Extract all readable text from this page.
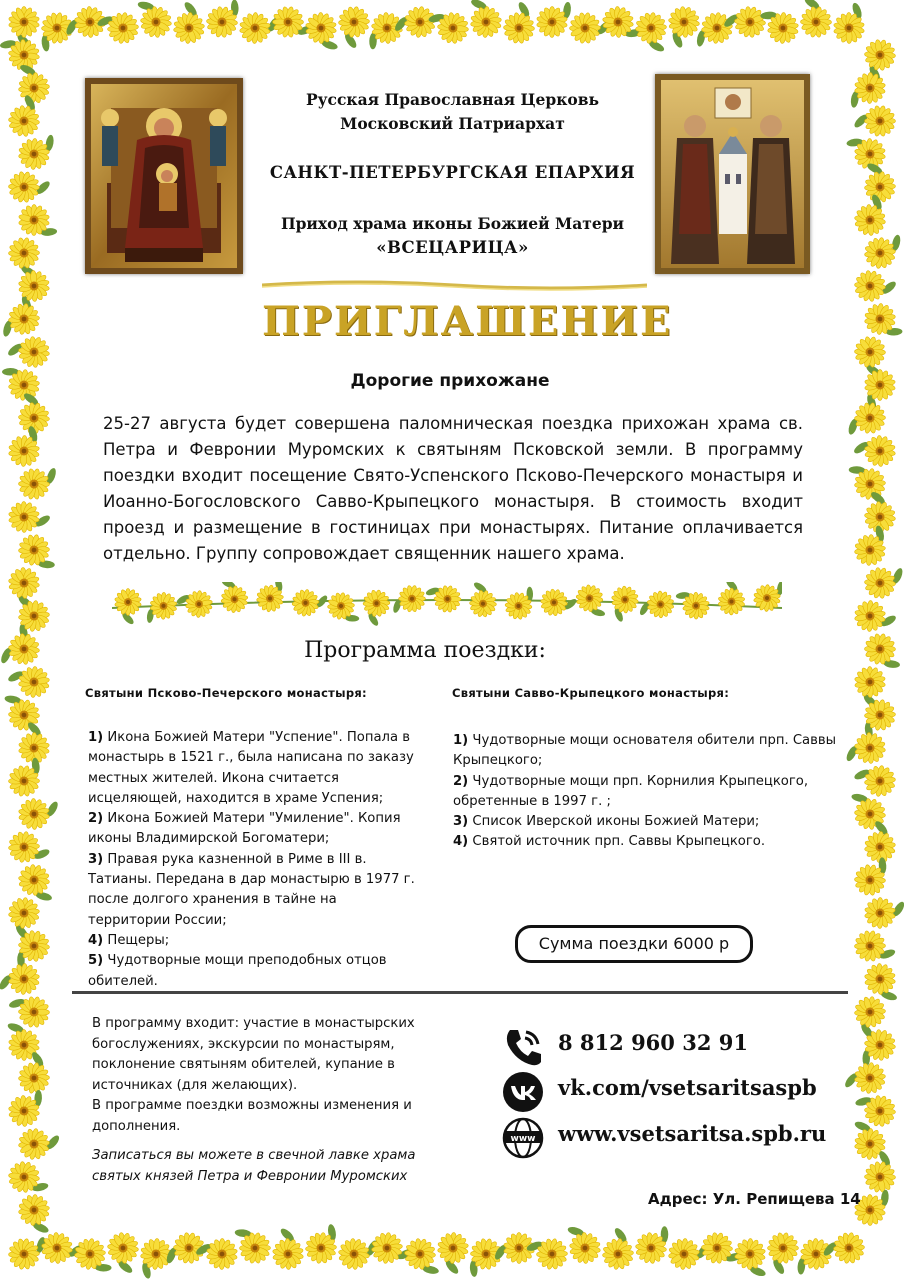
Русская Православная Церковь
Московский Патриархат
САНКТ-ПЕТЕРБУРГСКАЯ ЕПАРХИЯ
Приход храма иконы Божией Матери
«ВСЕЦАРИЦА»
ПРИГЛАШЕНИЕ
Дорогие прихожане
25-27 августа будет совершена паломническая поездка прихожан храма св. Петра и Февронии Муромских к святыням Псковской земли. В программу поездки входит посещение Свято-Успенского Псково-Печерского монастыря и Иоанно-Богословского Савво-Крыпецкого монастыря. В стоимость входит проезд и размещение в гостиницах при монастырях. Питание оплачивается отдельно. Группу сопровождает священник нашего храма.
Программа поездки:
Святыни Псково-Печерского монастыря:

1) Икона Божией Матери "Успение". Попала в монастырь в 1521 г., была написана по заказу местных жителей. Икона считается исцеляющей, находится в храме Успения;

2) Икона Божией Матери "Умиление". Копия иконы Владимирской Богоматери;

3) Правая рука казненной в Риме в III в. Татианы. Передана в дар монастырю в 1977 г. после долгого хранения в тайне на территории России;

4) Пещеры;

5) Чудотворные мощи преподобных отцов обителей.

Святыни Савво-Крыпецкого монастыря:

1) Чудотворные мощи основателя обители прп. Саввы Крыпецкого;

2) Чудотворные мощи прп. Корнилия Крыпецкого, обретенные в 1997 г. ;

3) Список Иверской иконы Божией Матери;

4) Святой источник прп. Саввы Крыпецкого.

Сумма поездки 6000 р
В программу входит: участие в монастырских богослужениях, экскурсии по монастырям, поклонение святыням обителей, купание в источниках (для желающих).
В программе поездки возможны изменения и дополнения.
Записаться вы можете в свечной лавке храма святых князей Петра и Февронии Муромских
8 812 960 32 91
vk.com/vsetsaritsaspb
www www.vsetsaritsa.spb.ru
Адрес: Ул. Репищева 14
